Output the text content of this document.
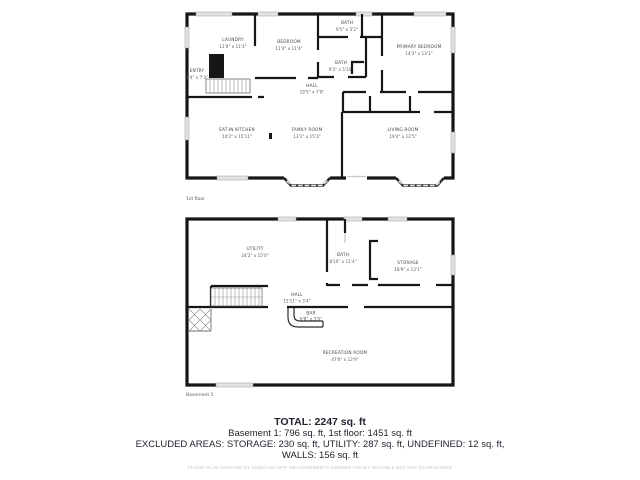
LAUNDRY
11'0" x 11'4"
ENTRY
3'4" x 7'3"
BEDROOM
11'4" x 11'4"
BATH
9'5" x 5'2"
BATH
9'5" x 5'10"
PRIMARY BEDROOM
14'3" x 13'1"
HALL
19'5" x 7'0"
EAT-IN KITCHEN
14'2" x 15'11"
FAMILY ROOM
13'1" x 15'3"
LIVING ROOM
19'4" x 12'5"
1st floor
UTILITY
24'2" x 15'0"	BATH
8'10" x 11'4"	STORAGE
18'9" x 13'1"
HALL
15'11" x 3'4"
BAR
6'8" x 3'9"
RECREATION ROOM
47'0" x 12'9"
Basement 1
TOTAL: 2247 sq. ft
Basement 1: 796 sq. ft, 1st floor: 1451 sq. ft
EXCLUDED AREAS: STORAGE: 230 sq. ft, UTILITY: 287 sq. ft, UNDEFINED: 12 sq. ft,
WALLS: 156 sq. ft
FLOOR PLAN CREATED BY CUBICASA APP. MEASUREMENTS DEEMED HIGHLY RELIABLE BUT NOT GUARANTEED
